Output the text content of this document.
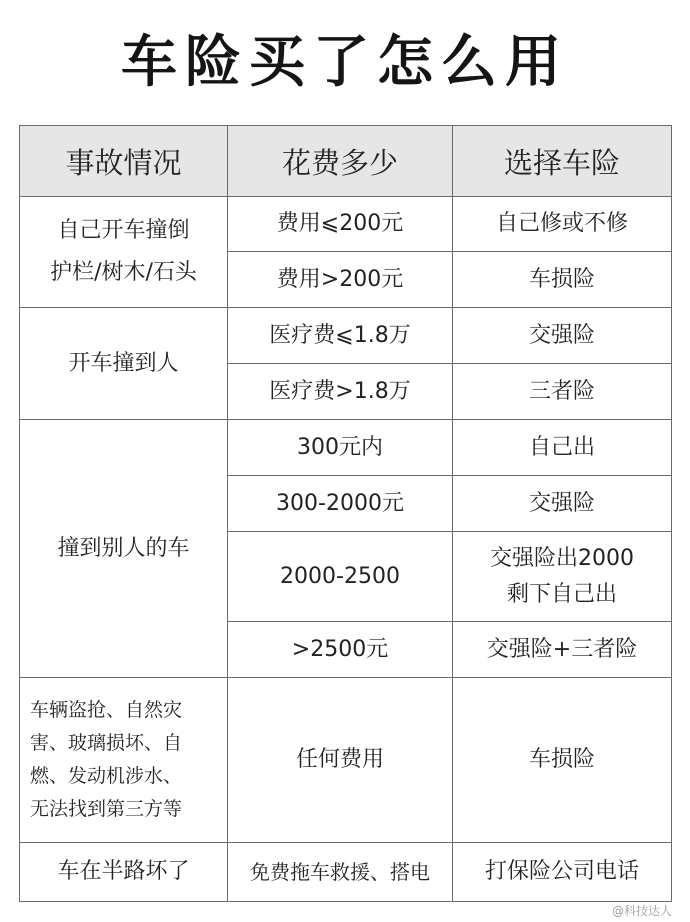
车险买了怎么用
事故情况	花费多少	选择车险
自己开车撞倒
护栏/树木/石头	费用⩽200元	自己修或不修
	费用>200元	车损险
开车撞到人	医疗费⩽1.8万	交强险
	医疗费>1.8万	三者险
撞到别人的车	300元内	自己出
	300-2000元	交强险
	2000-2500	交强险出2000
剩下自己出
	>2500元	交强险+三者险
车辆盗抢、自然灾
害、玻璃损坏、自
燃、发动机涉水、
无法找到第三方等	任何费用	车损险
车在半路坏了	免费拖车救援、搭电	打保险公司电话
@科技达人
